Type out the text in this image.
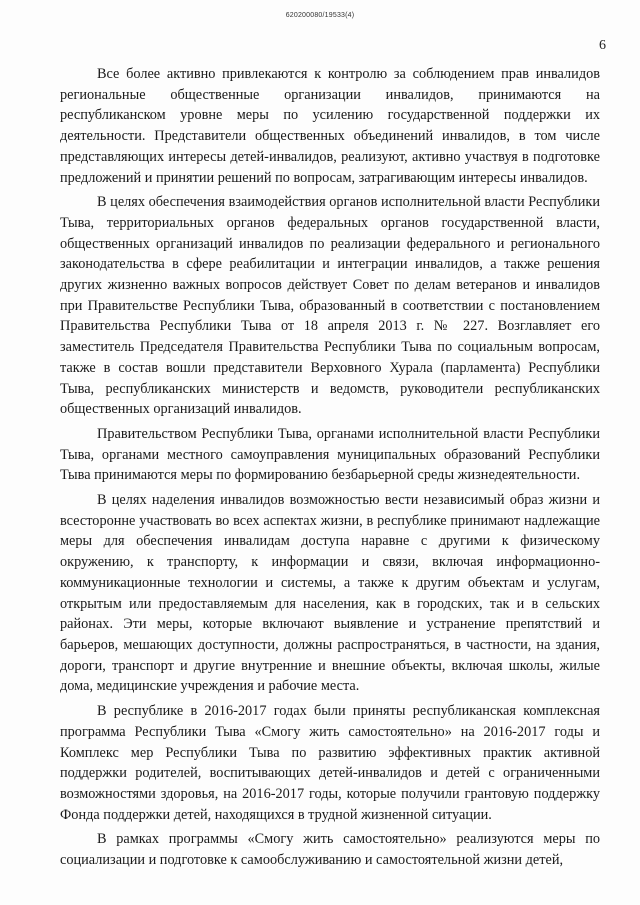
620200080/19533(4)
6

Все более активно привлекаются к контролю за соблюдением прав инвалидов региональные общественные организации инвалидов, принимаются на республиканском уровне меры по усилению государственной поддержки их деятельности. Представители общественных объединений инвалидов, в том числе представляющих интересы детей-инвалидов, реализуют, активно участвуя в подготовке предложений и принятии решений по вопросам, затрагивающим интересы инвалидов.

В целях обеспечения взаимодействия органов исполнительной власти Республики Тыва, территориальных органов федеральных органов государственной власти, общественных организаций инвалидов по реализации федерального и регионального законодательства в сфере реабилитации и интеграции инвалидов, а также решения других жизненно важных вопросов действует Совет по делам ветеранов и инвалидов при Правительстве Республики Тыва, образованный в соответствии с постановлением Правительства Республики Тыва от 18 апреля 2013 г. № 227. Возглавляет его заместитель Председателя Правительства Республики Тыва по социальным вопросам, также в состав вошли представители Верховного Хурала (парламента) Республики Тыва, республиканских министерств и ведомств, руководители республиканских общественных организаций инвалидов.

Правительством Республики Тыва, органами исполнительной власти Республики Тыва, органами местного самоуправления муниципальных образований Республики Тыва принимаются меры по формированию безбарьерной среды жизнедеятельности.

В целях наделения инвалидов возможностью вести независимый образ жизни и всесторонне участвовать во всех аспектах жизни, в республике принимают надлежащие меры для обеспечения инвалидам доступа наравне с другими к физическому окружению, к транспорту, к информации и связи, включая информационно-коммуникационные технологии и системы, а также к другим объектам и услугам, открытым или предоставляемым для населения, как в городских, так и в сельских районах. Эти меры, которые включают выявление и устранение препятствий и барьеров, мешающих доступности, должны распространяться, в частности, на здания, дороги, транспорт и другие внутренние и внешние объекты, включая школы, жилые дома, медицинские учреждения и рабочие места.

В республике в 2016-2017 годах были приняты республиканская комплексная программа Республики Тыва «Смогу жить самостоятельно» на 2016-2017 годы и Комплекс мер Республики Тыва по развитию эффективных практик активной поддержки родителей, воспитывающих детей-инвалидов и детей с ограниченными возможностями здоровья, на 2016-2017 годы, которые получили грантовую поддержку Фонда поддержки детей, находящихся в трудной жизненной ситуации.

В рамках программы «Смогу жить самостоятельно» реализуются меры по социализации и подготовке к самообслуживанию и самостоятельной жизни детей,
